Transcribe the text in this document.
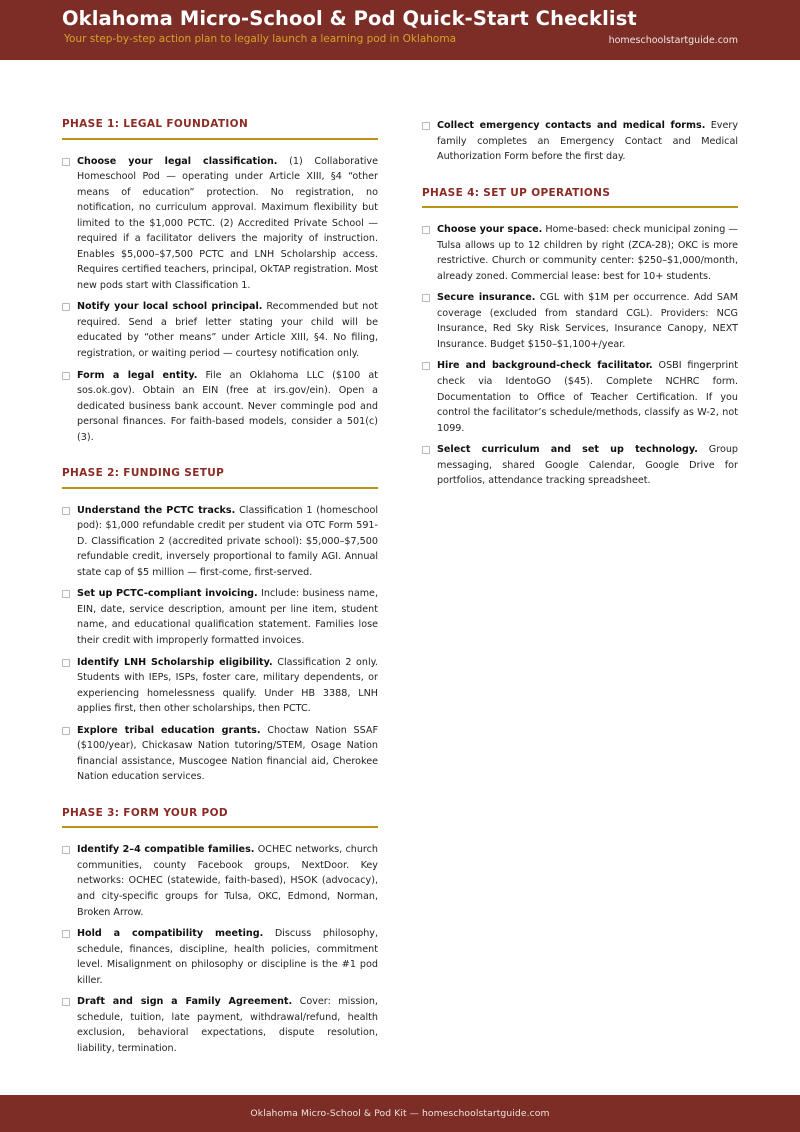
Oklahoma Micro-School & Pod Quick-Start Checklist
Your step-by-step action plan to legally launch a learning pod in Oklahoma	homeschoolstartguide.com
PHASE 1: LEGAL FOUNDATION
Choose your legal classification. (1) Collaborative Homeschool Pod — operating under Article XIII, §4 “other means of education” protection. No registration, no notification, no curriculum approval. Maximum flexibility but limited to the $1,000 PCTC. (2) Accredited Private School — required if a facilitator delivers the majority of instruction. Enables $5,000–$7,500 PCTC and LNH Scholarship access. Requires certified teachers, principal, OkTAP registration. Most new pods start with Classification 1.
Notify your local school principal. Recommended but not required. Send a brief letter stating your child will be educated by “other means” under Article XIII, §4. No filing, registration, or waiting period — courtesy notification only.
Form a legal entity. File an Oklahoma LLC ($100 at sos.ok.gov). Obtain an EIN (free at irs.gov/ein). Open a dedicated business bank account. Never commingle pod and personal finances. For faith-based models, consider a 501(c)(3).
PHASE 2: FUNDING SETUP
Understand the PCTC tracks. Classification 1 (homeschool pod): $1,000 refundable credit per student via OTC Form 591-D. Classification 2 (accredited private school): $5,000–$7,500 refundable credit, inversely proportional to family AGI. Annual state cap of $5 million — first-come, first-served.
Set up PCTC-compliant invoicing. Include: business name, EIN, date, service description, amount per line item, student name, and educational qualification statement. Families lose their credit with improperly formatted invoices.
Identify LNH Scholarship eligibility. Classification 2 only. Students with IEPs, ISPs, foster care, military dependents, or experiencing homelessness qualify. Under HB 3388, LNH applies first, then other scholarships, then PCTC.
Explore tribal education grants. Choctaw Nation SSAF ($100/year), Chickasaw Nation tutoring/STEM, Osage Nation financial assistance, Muscogee Nation financial aid, Cherokee Nation education services.
PHASE 3: FORM YOUR POD
Identify 2–4 compatible families. OCHEC networks, church communities, county Facebook groups, NextDoor. Key networks: OCHEC (statewide, faith-based), HSOK (advocacy), and city-specific groups for Tulsa, OKC, Edmond, Norman, Broken Arrow.
Hold a compatibility meeting. Discuss philosophy, schedule, finances, discipline, health policies, commitment level. Misalignment on philosophy or discipline is the #1 pod killer.
Draft and sign a Family Agreement. Cover: mission, schedule, tuition, late payment, withdrawal/refund, health exclusion, behavioral expectations, dispute resolution, liability, termination.
Collect emergency contacts and medical forms. Every family completes an Emergency Contact and Medical Authorization Form before the first day.
PHASE 4: SET UP OPERATIONS
Choose your space. Home-based: check municipal zoning — Tulsa allows up to 12 children by right (ZCA-28); OKC is more restrictive. Church or community center: $250–$1,000/month, already zoned. Commercial lease: best for 10+ students.
Secure insurance. CGL with $1M per occurrence. Add SAM coverage (excluded from standard CGL). Providers: NCG Insurance, Red Sky Risk Services, Insurance Canopy, NEXT Insurance. Budget $150–$1,100+/year.
Hire and background-check facilitator. OSBI fingerprint check via IdentoGO ($45). Complete NCHRC form. Documentation to Office of Teacher Certification. If you control the facilitator’s schedule/methods, classify as W-2, not 1099.
Select curriculum and set up technology. Group messaging, shared Google Calendar, Google Drive for portfolios, attendance tracking spreadsheet.
Oklahoma Micro-School & Pod Kit — homeschoolstartguide.com
